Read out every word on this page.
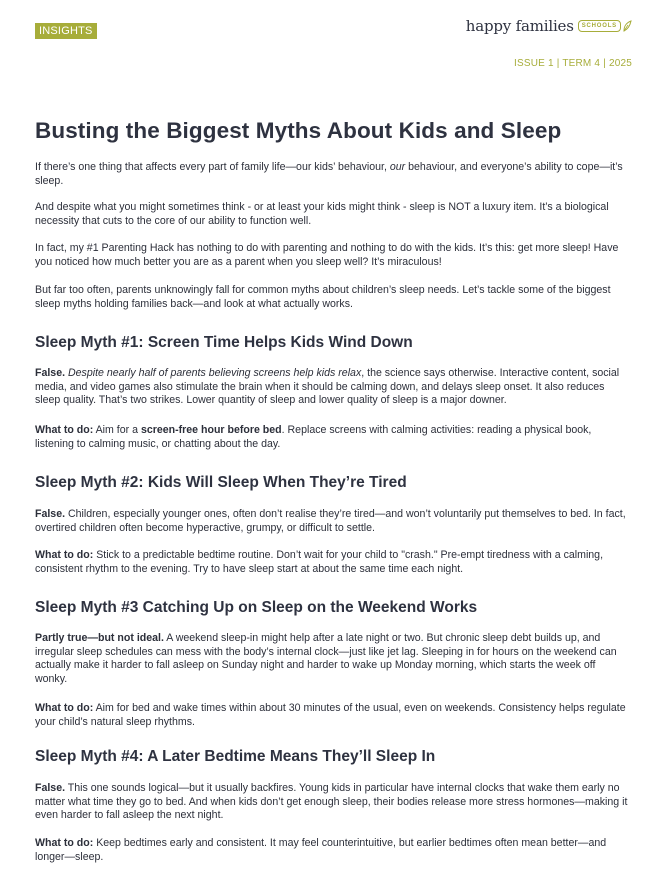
INSIGHTS	happy families	SCHOOLS
ISSUE 1 | TERM 4 | 2025
Busting the Biggest Myths About Kids and Sleep

If there’s one thing that affects every part of family life—our kids’ behaviour, our behaviour, and everyone’s ability to cope—it’s sleep.

And despite what you might sometimes think - or at least your kids might think - sleep is NOT a luxury item. It’s a biological necessity that cuts to the core of our ability to function well.

In fact, my #1 Parenting Hack has nothing to do with parenting and nothing to do with the kids. It’s this: get more sleep! Have you noticed how much better you are as a parent when you sleep well? It’s miraculous!

But far too often, parents unknowingly fall for common myths about children’s sleep needs. Let’s tackle some of the biggest sleep myths holding families back—and look at what actually works.

Sleep Myth #1: Screen Time Helps Kids Wind Down

False. Despite nearly half of parents believing screens help kids relax, the science says otherwise. Interactive content, social media, and video games also stimulate the brain when it should be calming down, and delays sleep onset. It also reduces sleep quality. That’s two strikes. Lower quantity of sleep and lower quality of sleep is a major downer.

What to do: Aim for a screen-free hour before bed. Replace screens with calming activities: reading a physical book, listening to calming music, or chatting about the day.

Sleep Myth #2: Kids Will Sleep When They’re Tired

False. Children, especially younger ones, often don’t realise they’re tired—and won’t voluntarily put themselves to bed. In fact, overtired children often become hyperactive, grumpy, or difficult to settle.

What to do: Stick to a predictable bedtime routine. Don’t wait for your child to "crash." Pre-empt tiredness with a calming, consistent rhythm to the evening. Try to have sleep start at about the same time each night.

Sleep Myth #3 Catching Up on Sleep on the Weekend Works

Partly true—but not ideal. A weekend sleep-in might help after a late night or two. But chronic sleep debt builds up, and irregular sleep schedules can mess with the body’s internal clock—just like jet lag. Sleeping in for hours on the weekend can actually make it harder to fall asleep on Sunday night and harder to wake up Monday morning, which starts the week off wonky.

What to do: Aim for bed and wake times within about 30 minutes of the usual, even on weekends. Consistency helps regulate your child’s natural sleep rhythms.

Sleep Myth #4: A Later Bedtime Means They’ll Sleep In

False. This one sounds logical—but it usually backfires. Young kids in particular have internal clocks that wake them early no matter what time they go to bed. And when kids don’t get enough sleep, their bodies release more stress hormones—making it even harder to fall asleep the next night.

What to do: Keep bedtimes early and consistent. It may feel counterintuitive, but earlier bedtimes often mean better—and longer—sleep.
